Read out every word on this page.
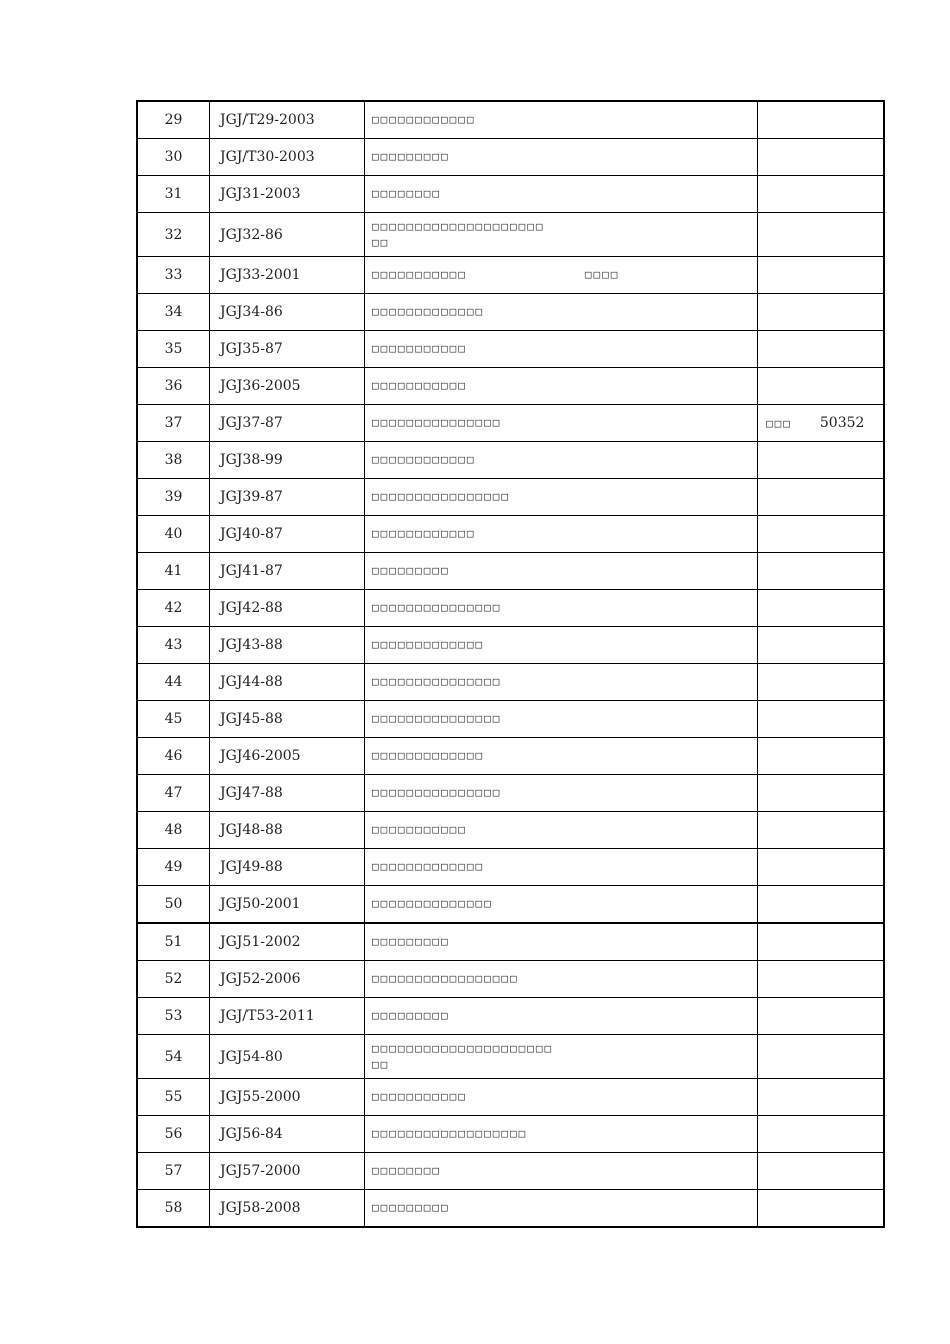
29	JGJ/T29-2003	□□□□□□□□□□□□	
30	JGJ/T30-2003	□□□□□□□□□	
31	JGJ31-2003	□□□□□□□□	
32	JGJ32-86	□□□□□□□□□□□□□□□□□□□□
□□	
33	JGJ33-2001	□□□□□□□□□□□ □□□□	
34	JGJ34-86	□□□□□□□□□□□□□	
35	JGJ35-87	□□□□□□□□□□□	
36	JGJ36-2005	□□□□□□□□□□□	
37	JGJ37-87	□□□□□□□□□□□□□□□	□□□ 50352
38	JGJ38-99	□□□□□□□□□□□□	
39	JGJ39-87	□□□□□□□□□□□□□□□□	
40	JGJ40-87	□□□□□□□□□□□□	
41	JGJ41-87	□□□□□□□□□	
42	JGJ42-88	□□□□□□□□□□□□□□□	
43	JGJ43-88	□□□□□□□□□□□□□	
44	JGJ44-88	□□□□□□□□□□□□□□□	
45	JGJ45-88	□□□□□□□□□□□□□□□	
46	JGJ46-2005	□□□□□□□□□□□□□	
47	JGJ47-88	□□□□□□□□□□□□□□□	
48	JGJ48-88	□□□□□□□□□□□	
49	JGJ49-88	□□□□□□□□□□□□□	
50	JGJ50-2001	□□□□□□□□□□□□□□	
51	JGJ51-2002	□□□□□□□□□	
52	JGJ52-2006	□□□□□□□□□□□□□□□□□	
53	JGJ/T53-2011	□□□□□□□□□	
54	JGJ54-80	□□□□□□□□□□□□□□□□□□□□□
□□	
55	JGJ55-2000	□□□□□□□□□□□	
56	JGJ56-84	□□□□□□□□□□□□□□□□□□	
57	JGJ57-2000	□□□□□□□□	
58	JGJ58-2008	□□□□□□□□□	
